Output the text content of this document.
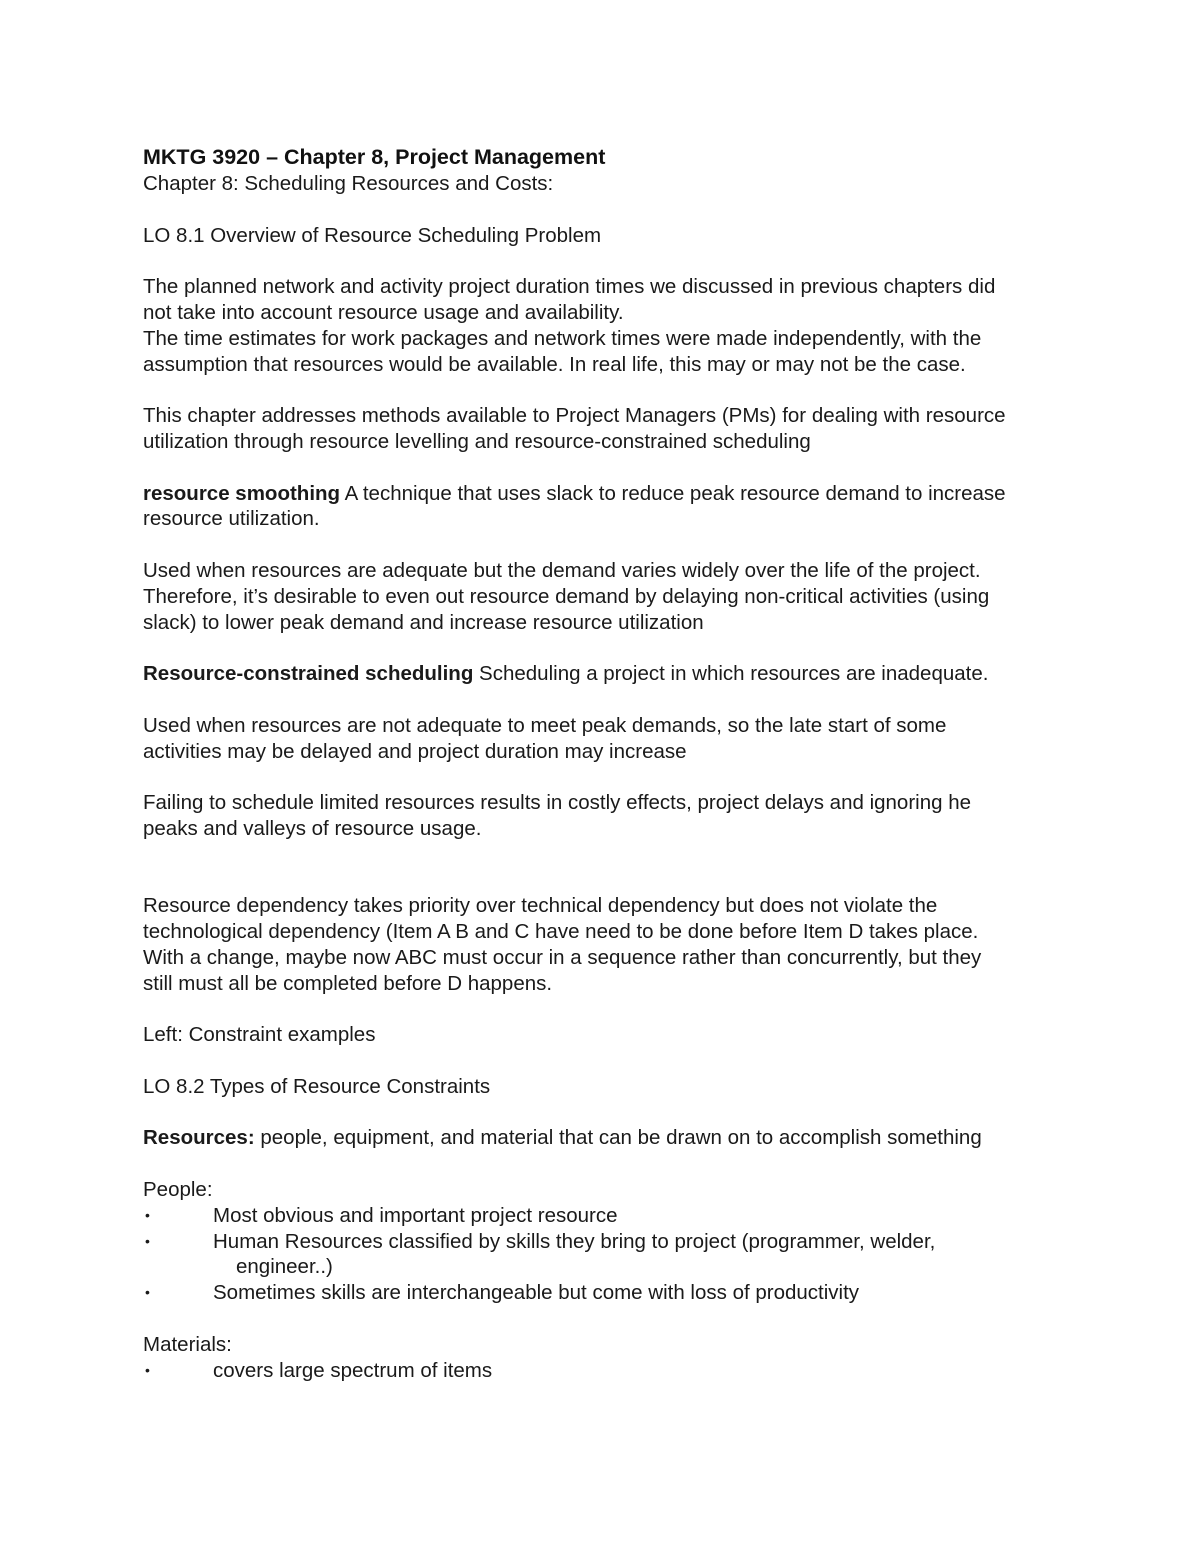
MKTG 3920 – Chapter 8, Project Management

Chapter 8: Scheduling Resources and Costs:

LO 8.1 Overview of Resource Scheduling Problem

The planned network and activity project duration times we discussed in previous chapters did

not take into account resource usage and availability.

The time estimates for work packages and network times were made independently, with the

assumption that resources would be available. In real life, this may or may not be the case.

This chapter addresses methods available to Project Managers (PMs) for dealing with resource

utilization through resource levelling and resource-constrained scheduling

resource smoothing A technique that uses slack to reduce peak resource demand to increase

resource utilization.

Used when resources are adequate but the demand varies widely over the life of the project.

Therefore, it’s desirable to even out resource demand by delaying non-critical activities (using

slack) to lower peak demand and increase resource utilization

Resource-constrained scheduling Scheduling a project in which resources are inadequate.

Used when resources are not adequate to meet peak demands, so the late start of some

activities may be delayed and project duration may increase

Failing to schedule limited resources results in costly effects, project delays and ignoring he

peaks and valleys of resource usage.

Resource dependency takes priority over technical dependency but does not violate the

technological dependency (Item A B and C have need to be done before Item D takes place.

With a change, maybe now ABC must occur in a sequence rather than concurrently, but they

still must all be completed before D happens.

Left: Constraint examples

LO 8.2 Types of Resource Constraints

Resources: people, equipment, and material that can be drawn on to accomplish something

People:

•	Most obvious and important project resource
•	Human Resources classified by skills they bring to project (programmer, welder,
engineer..)
•	Sometimes skills are interchangeable but come with loss of productivity

Materials:

•	covers large spectrum of items
